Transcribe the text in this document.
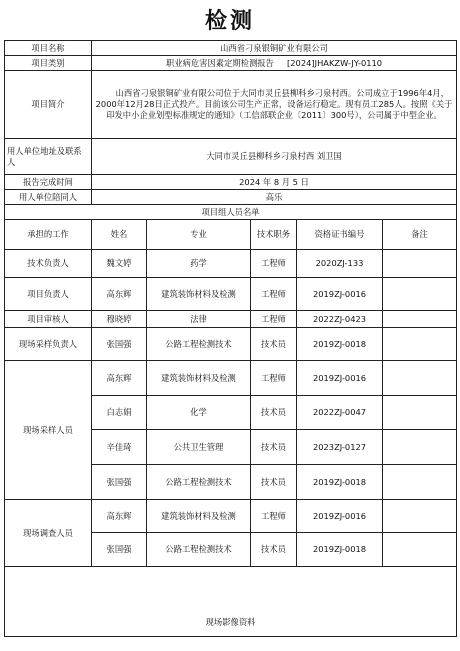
检测
项目名称	山西省刁泉银铜矿业有限公司				
项目类别	职业病危害因素定期检测报告 [2024]JHAKZW-JY-0110				
项目简介	山西省刁泉银铜矿业有限公司位于大同市灵丘县柳科乡刁泉村西。公司成立于1996年4月，2000年12月28日正式投产。目前该公司生产正常，设备运行稳定。现有员工285人。按照《关于印发中小企业划型标准规定的通知》（工信部联企业〔2011〕300号），公司属于中型企业。				
用人单位地址及联系人	大同市灵丘县柳科乡刁泉村西 刘卫国				
报告完成时间	2024 年 8 月 5 日				
用人单位陪同人	高乐				
项目组人员名单					
承担的工作	姓名	专业	技术职务	资格证书编号	备注
技术负责人	魏文婷	药学	工程师	2020ZJ-133	
项目负责人	高东辉	建筑装饰材料及检测	工程师	2019ZJ-0016	
项目审核人	穆晓婷	法律	工程师	2022ZJ-0423	
现场采样负责人	张国强	公路工程检测技术	技术员	2019ZJ-0018	
现场采样人员	高东辉	建筑装饰材料及检测	工程师	2019ZJ-0016	
	白志娟	化学	技术员	2022ZJ-0047	
	辛佳琦	公共卫生管理	技术员	2023ZJ-0127	
	张国强	公路工程检测技术	技术员	2019ZJ-0018	
现场调查人员	高东辉	建筑装饰材料及检测	工程师	2019ZJ-0016	
	张国强	公路工程检测技术	技术员	2019ZJ-0018	
现场影像资料					
